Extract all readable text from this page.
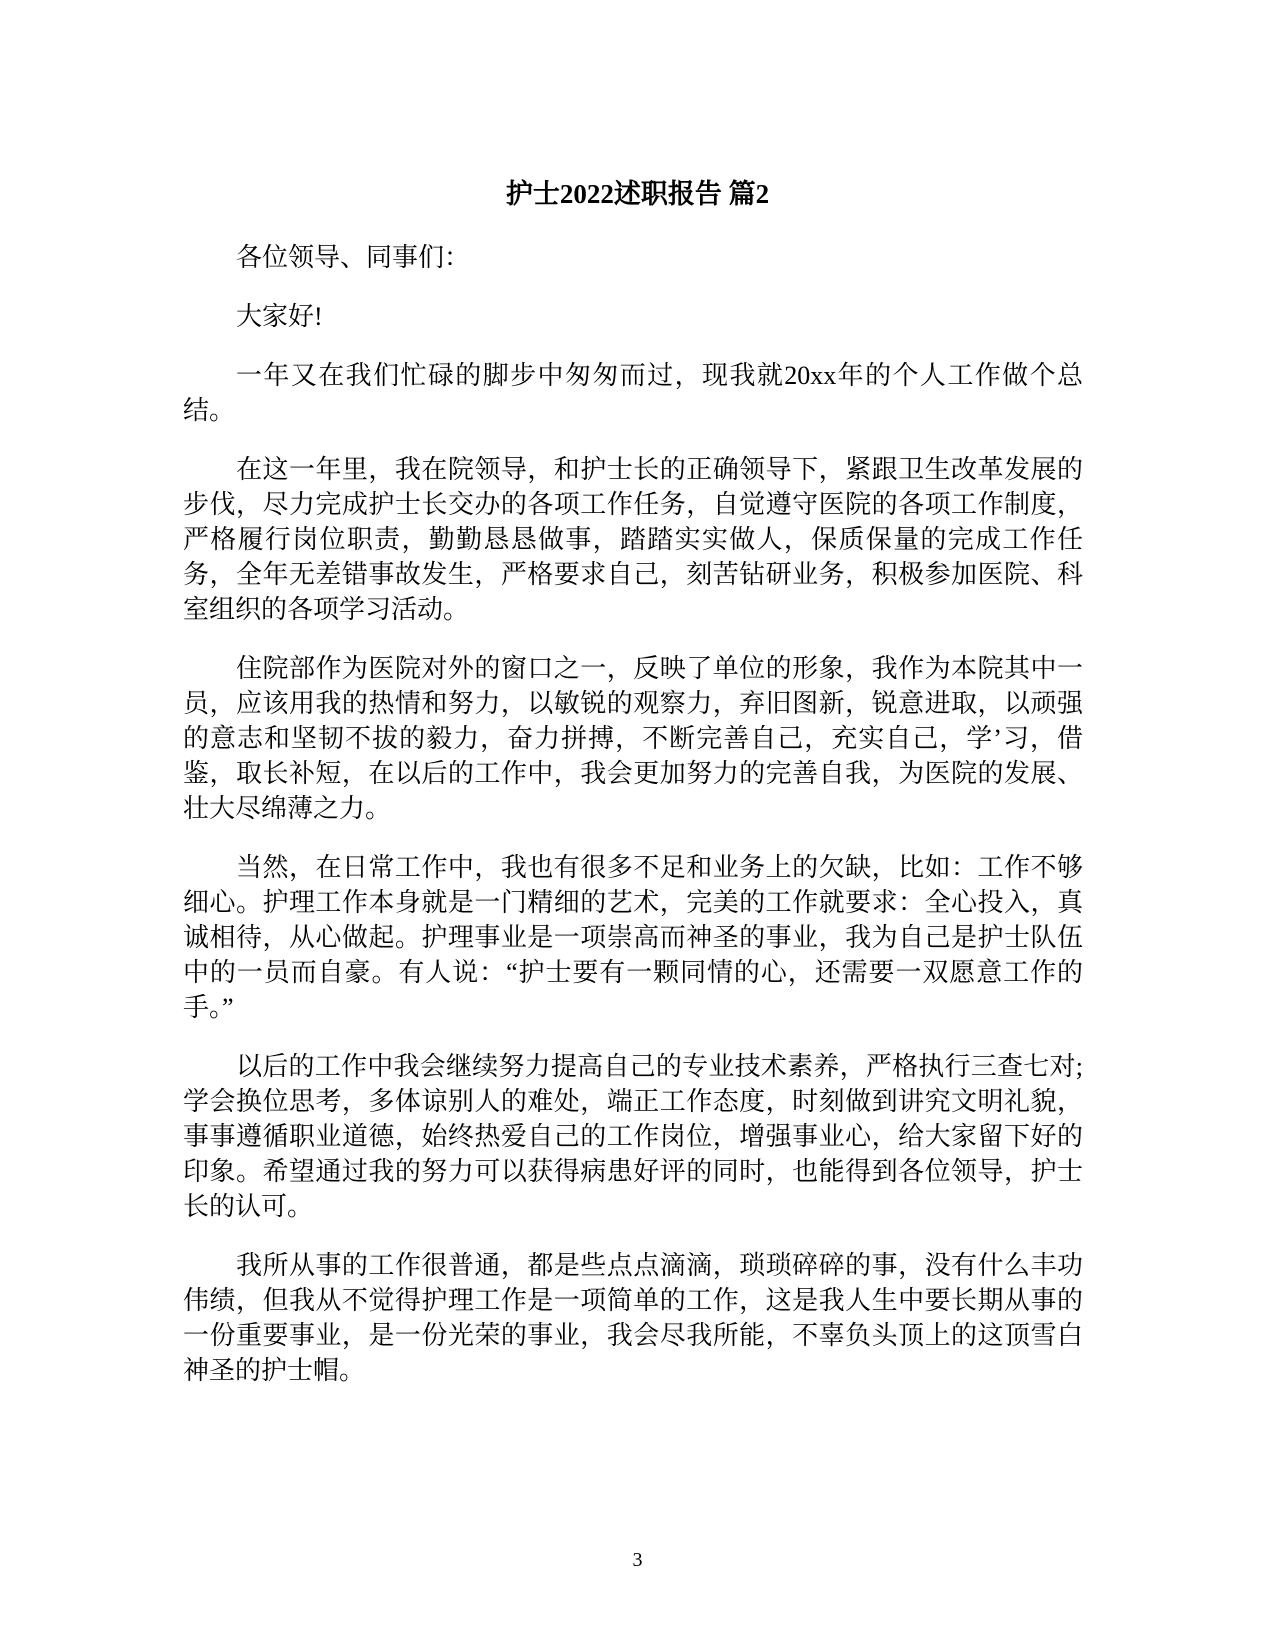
护士2022述职报告 篇2

各位领导、同事们：

大家好!

一年又在我们忙碌的脚步中匆匆而过，现我就20xx年的个人工作做个总结。

在这一年里，我在院领导，和护士长的正确领导下，紧跟卫生改革发展的步伐，尽力完成护士长交办的各项工作任务，自觉遵守医院的各项工作制度，严格履行岗位职责，勤勤恳恳做事，踏踏实实做人，保质保量的完成工作任务，全年无差错事故发生，严格要求自己，刻苦钻研业务，积极参加医院、科室组织的各项学习活动。

住院部作为医院对外的窗口之一，反映了单位的形象，我作为本院其中一员，应该用我的热情和努力，以敏锐的观察力，弃旧图新，锐意进取，以顽强的意志和坚韧不拔的毅力，奋力拼搏，不断完善自己，充实自己，学’习，借鉴，取长补短，在以后的工作中，我会更加努力的完善自我，为医院的发展、壮大尽绵薄之力。

当然，在日常工作中，我也有很多不足和业务上的欠缺，比如：工作不够细心。护理工作本身就是一门精细的艺术，完美的工作就要求：全心投入，真诚相待，从心做起。护理事业是一项崇高而神圣的事业，我为自己是护士队伍中的一员而自豪。有人说：“护士要有一颗同情的心，还需要一双愿意工作的手。”

以后的工作中我会继续努力提高自己的专业技术素养，严格执行三查七对;学会换位思考，多体谅别人的难处，端正工作态度，时刻做到讲究文明礼貌，事事遵循职业道德，始终热爱自己的工作岗位，增强事业心，给大家留下好的印象。希望通过我的努力可以获得病患好评的同时，也能得到各位领导，护士长的认可。

我所从事的工作很普通，都是些点点滴滴，琐琐碎碎的事，没有什么丰功伟绩，但我从不觉得护理工作是一项简单的工作，这是我人生中要长期从事的一份重要事业，是一份光荣的事业，我会尽我所能，不辜负头顶上的这顶雪白神圣的护士帽。

3
